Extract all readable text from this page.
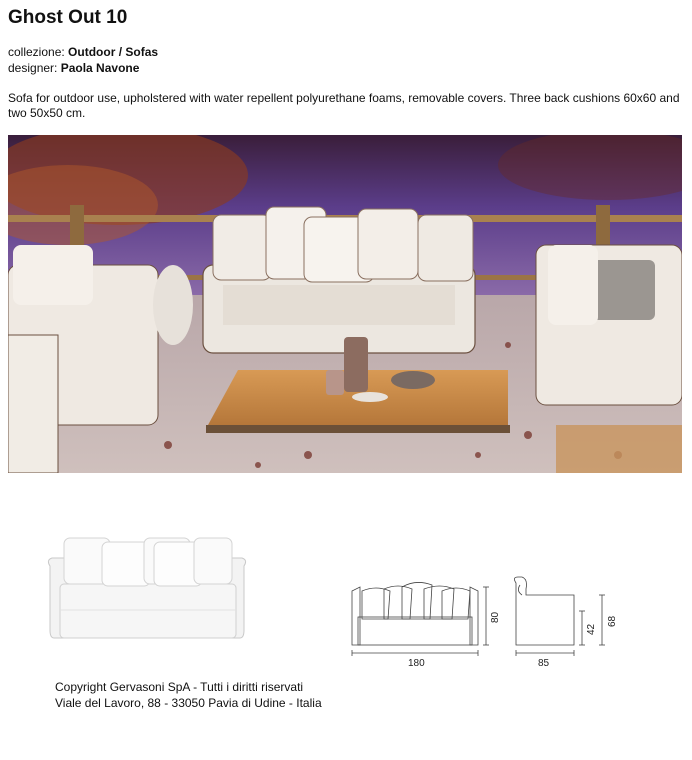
Ghost Out 10
collezione: Outdoor / Sofas
designer: Paola Navone
Sofa for outdoor use, upholstered with water repellent polyurethane foams, removable covers. Three back cushions 60x60 and two 50x50 cm.
180	85
80
42
68
Copyright Gervasoni SpA - Tutti i diritti riservati
Viale del Lavoro, 88 - 33050 Pavia di Udine - Italia
